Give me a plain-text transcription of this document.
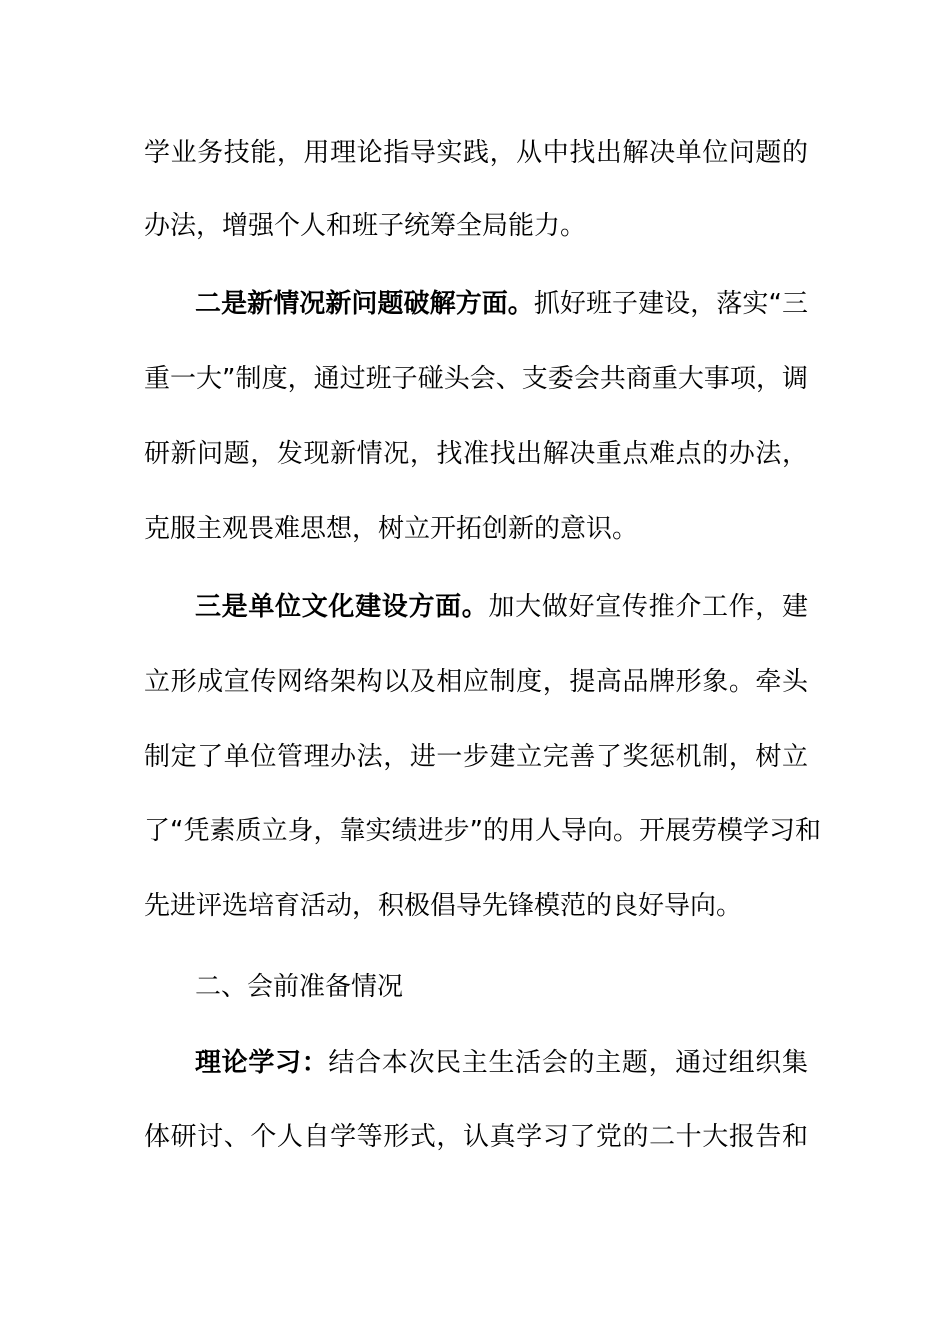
学业务技能，用理论指导实践，从中找出解决单位问题的
办法，增强个人和班子统筹全局能力。
二是新情况新问题破解方面。抓好班子建设，落实“三
重一大”制度，通过班子碰头会、支委会共商重大事项，调
研新问题，发现新情况，找准找出解决重点难点的办法，
克服主观畏难思想，树立开拓创新的意识。
三是单位文化建设方面。加大做好宣传推介工作，建
立形成宣传网络架构以及相应制度，提高品牌形象。牵头
制定了单位管理办法，进一步建立完善了奖惩机制，树立
了“凭素质立身，靠实绩进步”的用人导向。开展劳模学习和
先进评选培育活动，积极倡导先锋模范的良好导向。
二、会前准备情况
理论学习：结合本次民主生活会的主题，通过组织集
体研讨、个人自学等形式，认真学习了党的二十大报告和
